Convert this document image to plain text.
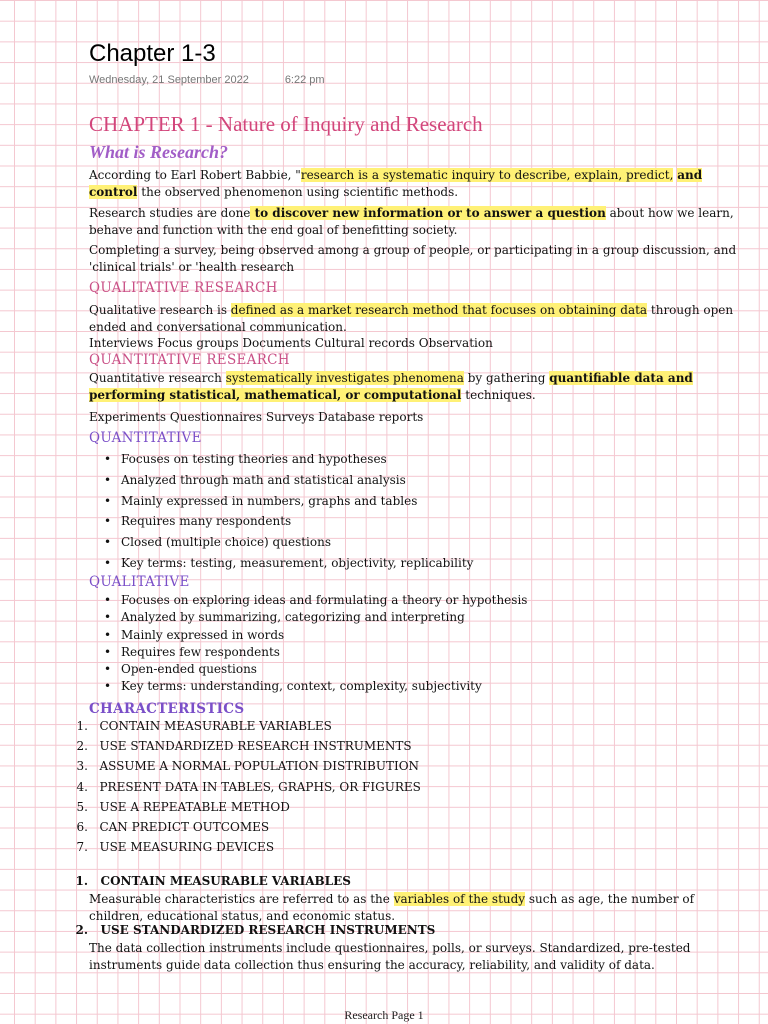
Chapter 1-3
Wednesday, 21 September 2022	6:22 pm
CHAPTER 1 - Nature of Inquiry and Research
What is Research?
According to Earl Robert Babbie, "research is a systematic inquiry to describe, explain, predict, and control the observed phenomenon using scientific methods.
Research studies are done to discover new information or to answer a question about how we learn, behave and function with the end goal of benefitting society.
Completing a survey, being observed among a group of people, or participating in a group discussion, and 'clinical trials' or 'health research
QUALITATIVE RESEARCH
Qualitative research is defined as a market research method that focuses on obtaining data through open ended and conversational communication.
Interviews Focus groups Documents Cultural records Observation
QUANTITATIVE RESEARCH
Quantitative research systematically investigates phenomena by gathering quantifiable data and performing statistical, mathematical, or computational techniques.
Experiments Questionnaires Surveys Database reports
QUANTITATIVE
• Focuses on testing theories and hypotheses
• Analyzed through math and statistical analysis
• Mainly expressed in numbers, graphs and tables
• Requires many respondents
• Closed (multiple choice) questions
• Key terms: testing, measurement, objectivity, replicability
QUALITATIVE
• Focuses on exploring ideas and formulating a theory or hypothesis
• Analyzed by summarizing, categorizing and interpreting
• Mainly expressed in words
• Requires few respondents
• Open-ended questions
• Key terms: understanding, context, complexity, subjectivity
CHARACTERISTICS
1. CONTAIN MEASURABLE VARIABLES
2. USE STANDARDIZED RESEARCH INSTRUMENTS
3. ASSUME A NORMAL POPULATION DISTRIBUTION
4. PRESENT DATA IN TABLES, GRAPHS, OR FIGURES
5. USE A REPEATABLE METHOD
6. CAN PREDICT OUTCOMES
7. USE MEASURING DEVICES
1. CONTAIN MEASURABLE VARIABLES
Measurable characteristics are referred to as the variables of the study such as age, the number of children, educational status, and economic status.
2. USE STANDARDIZED RESEARCH INSTRUMENTS
The data collection instruments include questionnaires, polls, or surveys. Standardized, pre-tested instruments guide data collection thus ensuring the accuracy, reliability, and validity of data.
Research Page 1
